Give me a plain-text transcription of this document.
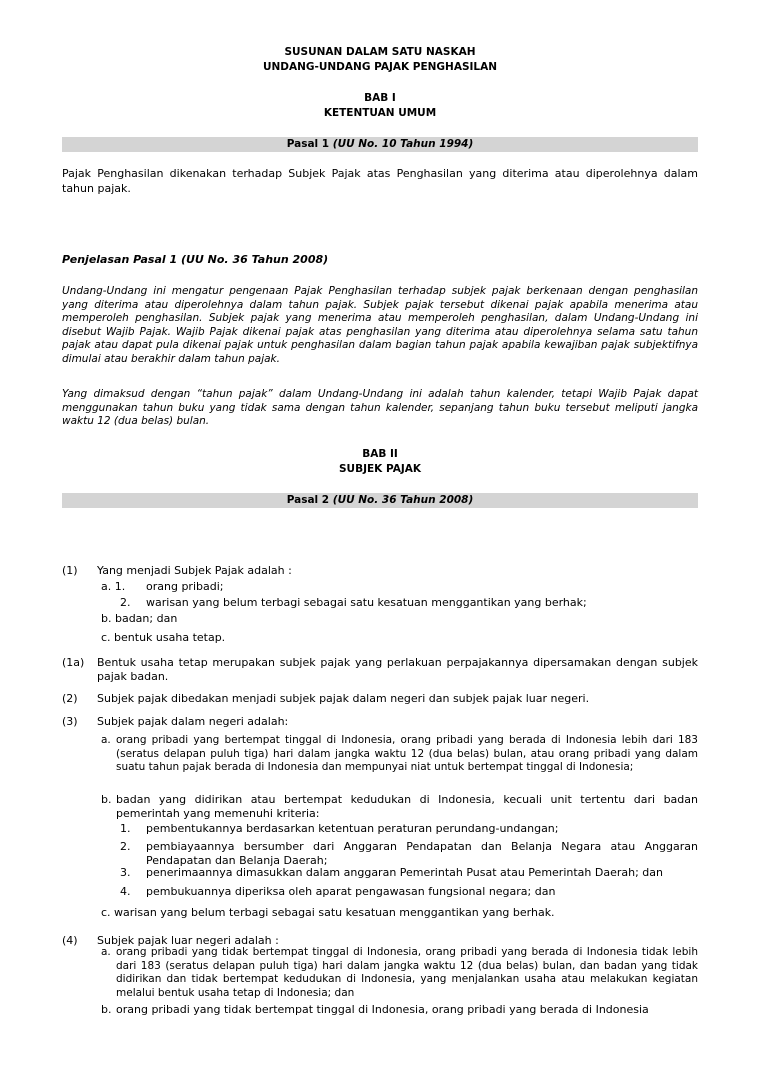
SUSUNAN DALAM SATU NASKAH
UNDANG-UNDANG PAJAK PENGHASILAN
BAB I
KETENTUAN UMUM
Pasal 1 (UU No. 10 Tahun 1994)
Pajak Penghasilan dikenakan terhadap Subjek Pajak atas Penghasilan yang diterima atau diperolehnya dalam tahun pajak.
Penjelasan Pasal 1 (UU No. 36 Tahun 2008)
Undang-Undang ini mengatur pengenaan Pajak Penghasilan terhadap subjek pajak berkenaan dengan penghasilan yang diterima atau diperolehnya dalam tahun pajak. Subjek pajak tersebut dikenai pajak apabila menerima atau memperoleh penghasilan. Subjek pajak yang menerima atau memperoleh penghasilan, dalam Undang-Undang ini disebut Wajib Pajak. Wajib Pajak dikenai pajak atas penghasilan yang diterima atau diperolehnya selama satu tahun pajak atau dapat pula dikenai pajak untuk penghasilan dalam bagian tahun pajak apabila kewajiban pajak subjektifnya dimulai atau berakhir dalam tahun pajak.
Yang dimaksud dengan “tahun pajak” dalam Undang-Undang ini adalah tahun kalender, tetapi Wajib Pajak dapat menggunakan tahun buku yang tidak sama dengan tahun kalender, sepanjang tahun buku tersebut meliputi jangka waktu 12 (dua belas) bulan.
BAB II
SUBJEK PAJAK
Pasal 2 (UU No. 36 Tahun 2008)
(1) Yang menjadi Subjek Pajak adalah :
a. 1. orang pribadi;
2. warisan yang belum terbagi sebagai satu kesatuan menggantikan yang berhak;
b. badan; dan
c. bentuk usaha tetap.
(1a) Bentuk usaha tetap merupakan subjek pajak yang perlakuan perpajakannya dipersamakan dengan subjek pajak badan.
(2) Subjek pajak dibedakan menjadi subjek pajak dalam negeri dan subjek pajak luar negeri.
(3) Subjek pajak dalam negeri adalah:
a. orang pribadi yang bertempat tinggal di Indonesia, orang pribadi yang berada di Indonesia lebih dari 183 (seratus delapan puluh tiga) hari dalam jangka waktu 12 (dua belas) bulan, atau orang pribadi yang dalam suatu tahun pajak berada di Indonesia dan mempunyai niat untuk bertempat tinggal di Indonesia;
b. badan yang didirikan atau bertempat kedudukan di Indonesia, kecuali unit tertentu dari badan pemerintah yang memenuhi kriteria:
1. pembentukannya berdasarkan ketentuan peraturan perundang-undangan;
2. pembiayaannya bersumber dari Anggaran Pendapatan dan Belanja Negara atau Anggaran Pendapatan dan Belanja Daerah;
3. penerimaannya dimasukkan dalam anggaran Pemerintah Pusat atau Pemerintah Daerah; dan
4. pembukuannya diperiksa oleh aparat pengawasan fungsional negara; dan
c. warisan yang belum terbagi sebagai satu kesatuan menggantikan yang berhak.
(4) Subjek pajak luar negeri adalah :
a. orang pribadi yang tidak bertempat tinggal di Indonesia, orang pribadi yang berada di Indonesia tidak lebih dari 183 (seratus delapan puluh tiga) hari dalam jangka waktu 12 (dua belas) bulan, dan badan yang tidak didirikan dan tidak bertempat kedudukan di Indonesia, yang menjalankan usaha atau melakukan kegiatan melalui bentuk usaha tetap di Indonesia; dan
b. orang pribadi yang tidak bertempat tinggal di Indonesia, orang pribadi yang berada di Indonesia
